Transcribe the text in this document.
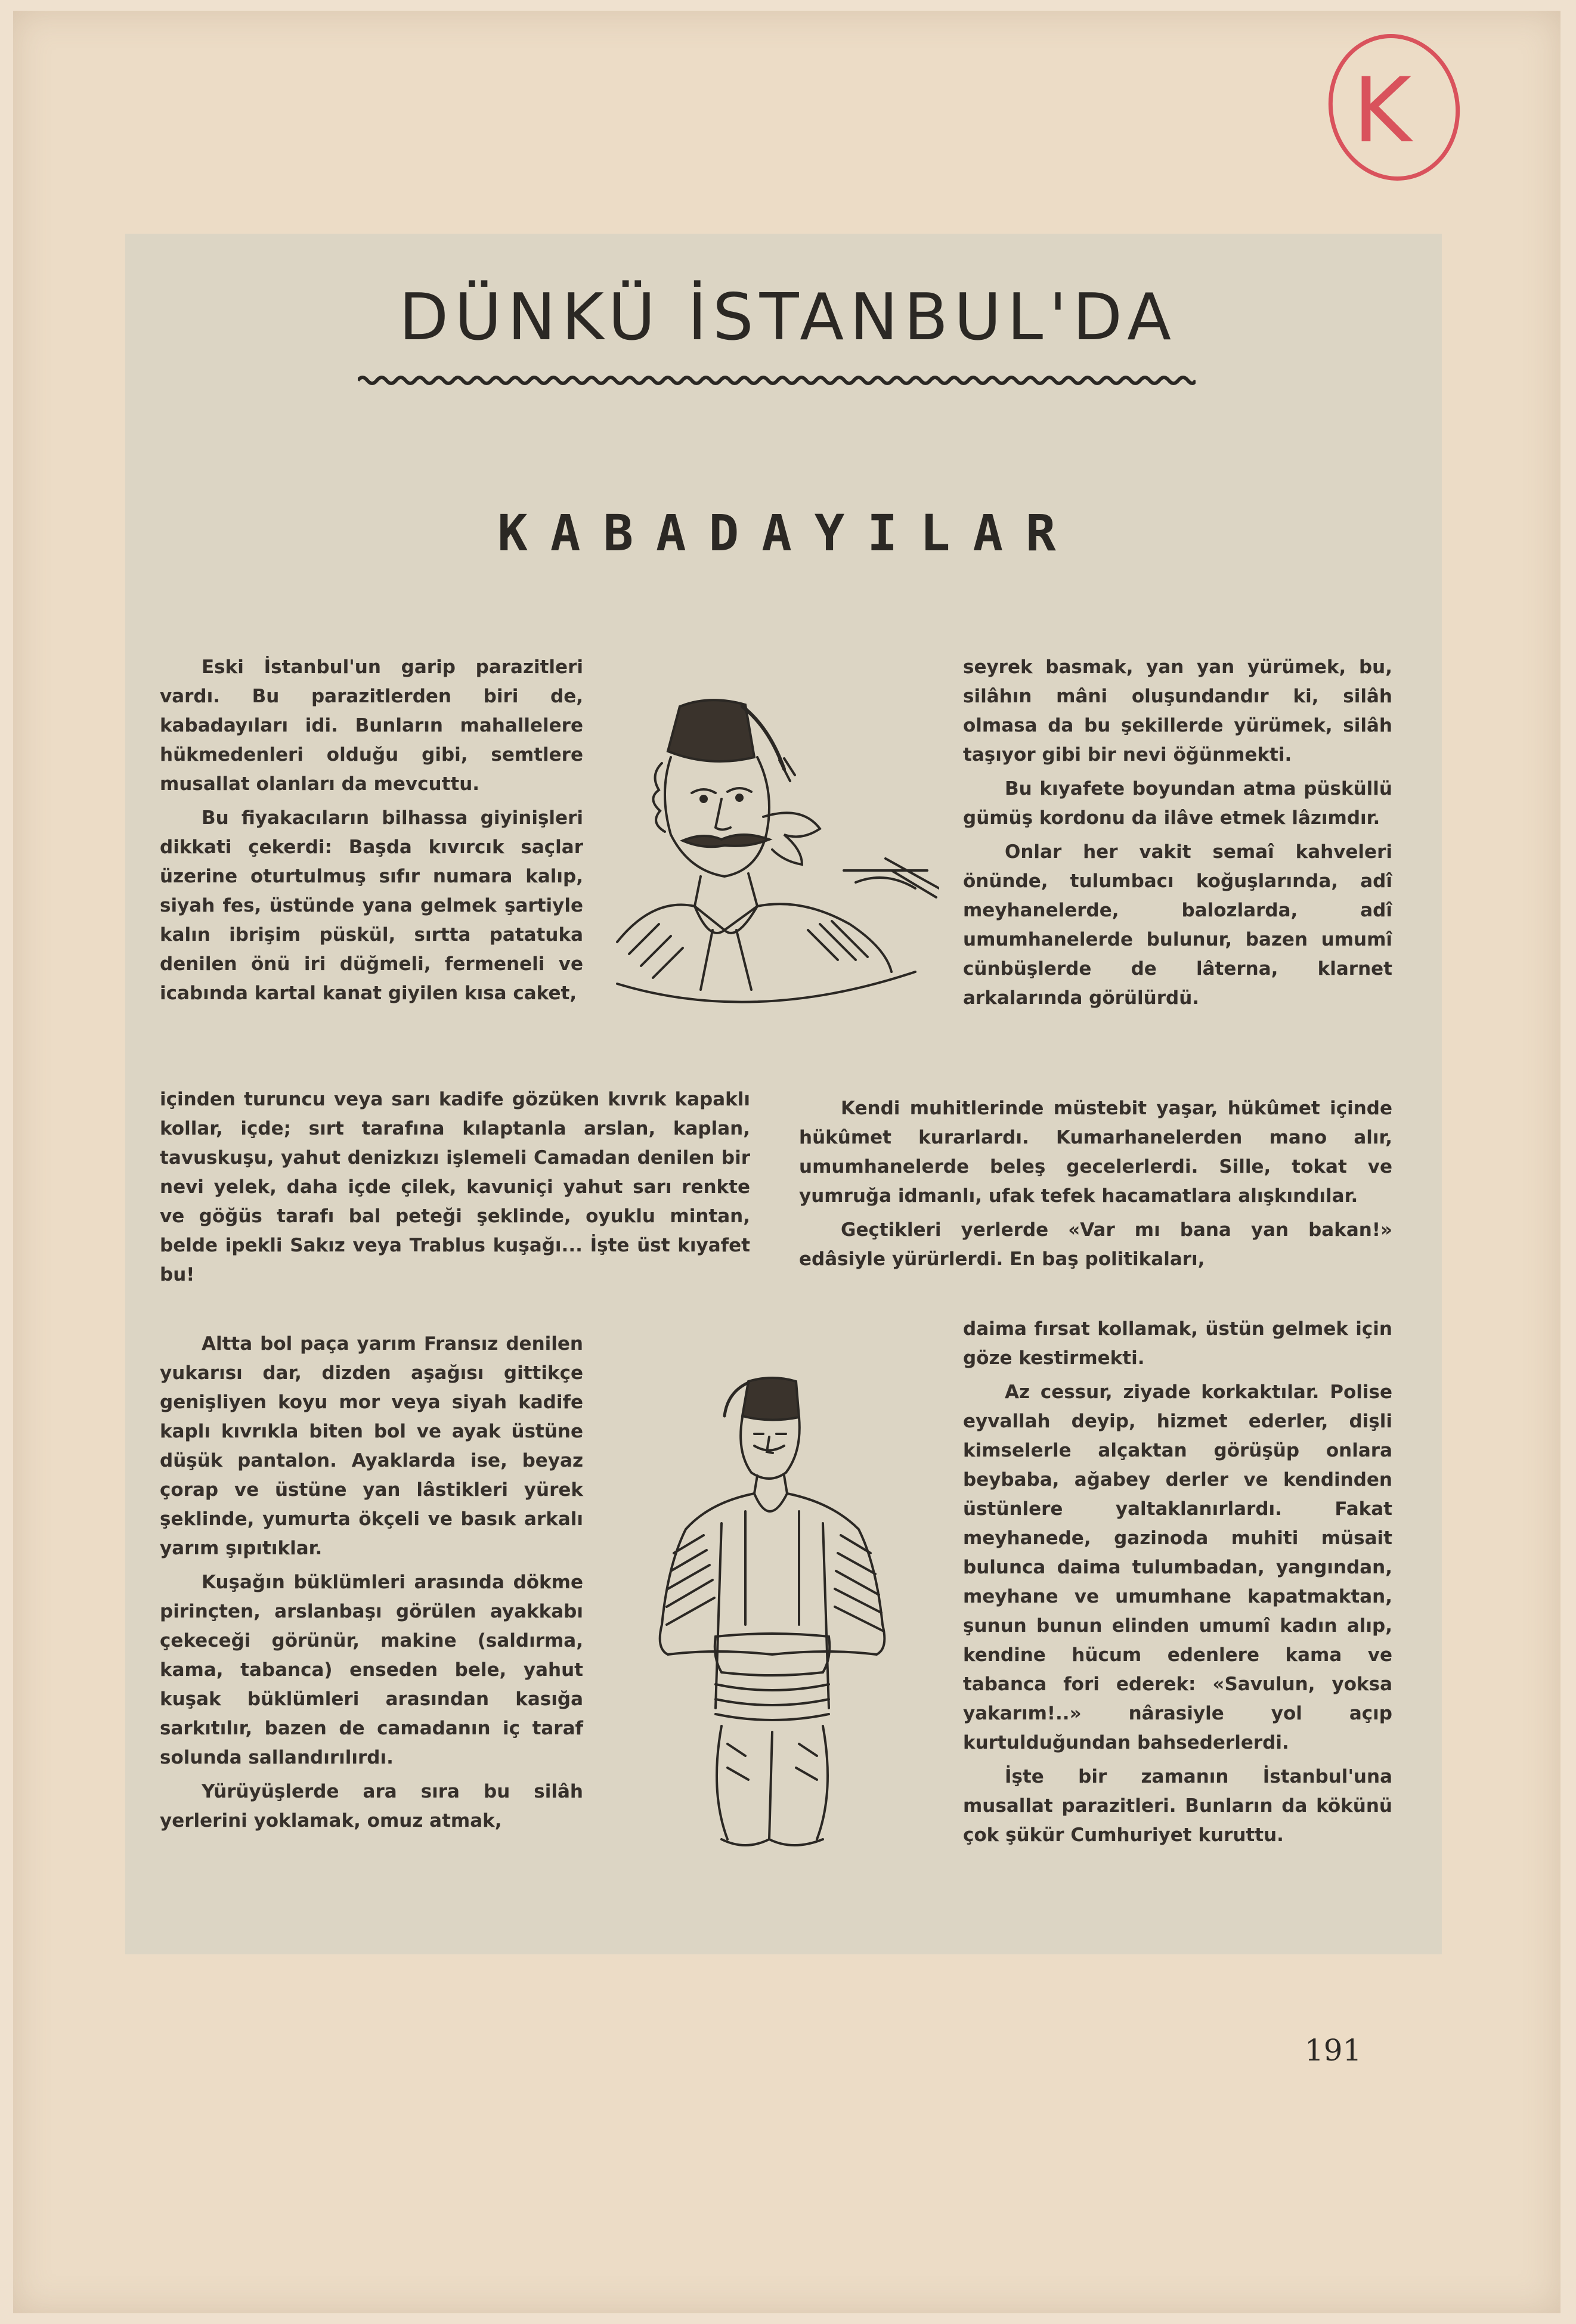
K
DÜNKÜ İSTANBUL'DA
KABADAYILAR

Eski İstanbul'un garip parazitleri vardı. Bu parazitlerden biri de, kabadayıları idi. Bunların mahallelere hükmedenleri olduğu gibi, semtlere musallat olanları da mevcuttu.

Bu fiyakacıların bilhassa giyinişleri dikkati çekerdi: Başda kıvırcık saçlar üzerine oturtulmuş sıfır numara kalıp, siyah fes, üstünde yana gelmek şartiyle kalın ibrişim püskül, sırtta patatuka denilen önü iri düğmeli, fermeneli ve icabında kartal kanat giyilen kısa caket,

içinden turuncu veya sarı kadife gözüken kıvrık kapaklı kollar, içde; sırt tarafına kılaptanla arslan, kaplan, tavuskuşu, yahut denizkızı işlemeli Camadan denilen bir nevi yelek, daha içde çilek, kavuniçi yahut sarı renkte ve göğüs tarafı bal peteği şeklinde, oyuklu mintan, belde ipekli Sakız veya Trablus kuşağı... İşte üst kıyafet bu!

Altta bol paça yarım Fransız denilen yukarısı dar, dizden aşağısı gittikçe genişliyen koyu mor veya siyah kadife kaplı kıvrıkla biten bol ve ayak üstüne düşük pantalon. Ayaklarda ise, beyaz çorap ve üstüne yan lâstikleri yürek şeklinde, yumurta ökçeli ve basık arkalı yarım şıpıtıklar.

Kuşağın büklümleri arasında dökme pirinçten, arslanbaşı görülen ayakkabı çekeceği görünür, makine (saldırma, kama, tabanca) enseden bele, yahut kuşak büklümleri arasından kasığa sarkıtılır, bazen de camadanın iç taraf solunda sallandırılırdı.

Yürüyüşlerde ara sıra bu silâh yerlerini yoklamak, omuz atmak,

seyrek basmak, yan yan yürümek, bu, silâhın mâni oluşundandır ki, silâh olmasa da bu şekillerde yürümek, silâh taşıyor gibi bir nevi öğünmekti.

Bu kıyafete boyundan atma püsküllü gümüş kordonu da ilâve etmek lâzımdır.

Onlar her vakit semaî kahveleri önünde, tulumbacı koğuşlarında, adî meyhanelerde, balozlarda, adî umumhanelerde bulunur, bazen umumî cünbüşlerde de lâterna, klarnet arkalarında görülürdü.

Kendi muhitlerinde müstebit yaşar, hükûmet içinde hükûmet kurarlardı. Kumarhanelerden mano alır, umumhanelerde beleş gecelerlerdi. Sille, tokat ve yumruğa idmanlı, ufak tefek hacamatlara alışkındılar.

Geçtikleri yerlerde «Var mı bana yan bakan!» edâsiyle yürürlerdi. En baş politikaları,

daima fırsat kollamak, üstün gelmek için göze kestirmekti.

Az cessur, ziyade korkaktılar. Polise eyvallah deyip, hizmet ederler, dişli kimselerle alçaktan görüşüp onlara beybaba, ağabey derler ve kendinden üstünlere yaltaklanırlardı. Fakat meyhanede, gazinoda muhiti müsait bulunca daima tulumbadan, yangından, meyhane ve umumhane kapatmaktan, şunun bunun elinden umumî kadın alıp, kendine hücum edenlere kama ve tabanca fori ederek: «Savulun, yoksa yakarım!..» nârasiyle yol açıp kurtulduğundan bahsederlerdi.

İşte bir zamanın İstanbul'una musallat parazitleri. Bunların da kökünü çok şükür Cumhuriyet kuruttu.

191
